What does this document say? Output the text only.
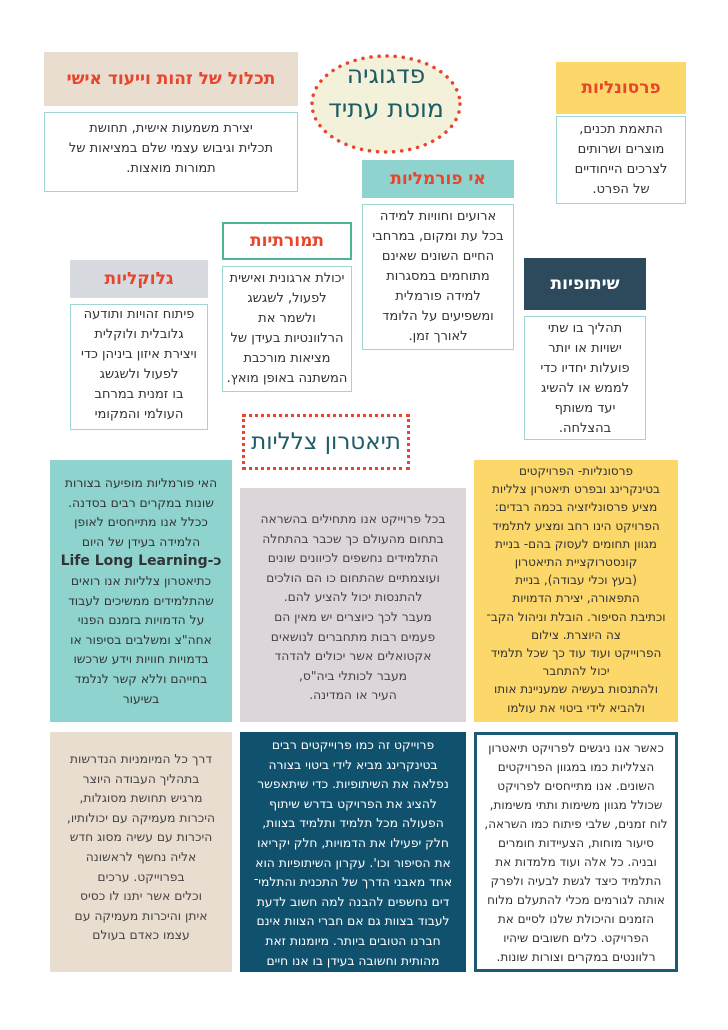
פדגוגיה
מוטת עתיד
תכלול של זהות וייעוד אישי
יצירת משמעות אישית, תחושת
תכלית וגיבוש עצמי שלם במציאות של
תמורות מואצות.
פרסונליות
התאמת תכנים,
מוצרים ושרותים
לצרכים הייחודיים
של הפרט.
אי פורמליות
ארועים וחוויות למידה
בכל עת ומקום, במרחבי
החיים השונים שאינם
מתוחמים במסגרות
למידה פורמלית
ומשפיעים על הלומד
לאורך זמן.
תמורתיות
יכולת ארגונית ואישית
לפעול, לשגשג
ולשמר את
הרלוונטיות בעידן של
מציאות מורכבת
המשתנה באופן מואץ.
גלוקליות
פיתוח זהויות ותודעה
גלובלית ולוקלית
ויצירת איזון ביניהן כדי
לפעול ולשגשג
בו זמנית במרחב
העולמי והמקומי
שיתופיות
תהליך בו שתי
ישויות או יותר
פועלות יחדיו כדי
לממש או להשיג
יעד משותף
בהצלחה.
תיאטרון צלליות
האי פורמליות מופיעה בצורות
שונות במקרים רבים בסדנה.
ככלל אנו מתייחסים לאופן
הלמידה בעידן של היום
כ-Life Long Learning
כתיאטרון צלליות אנו רואים
שהתלמידים ממשיכים לעבוד
על הדמויות בזמנם הפנוי
אחה"צ ומשלבים בסיפור או
בדמויות חוויות וידע שרכשו
בחייהם וללא קשר לנלמד
בשיעור
בכל פרוייקט אנו מתחילים בהשראה
בתחום מהעולם כך שכבר בהתחלה
התלמידים נחשפים לכיוונים שונים
ועוצמתיים שהתחום כו הם הולכים
להתנסות יכול להציע להם.
מעבר לכך כיוצרים יש מאין הם
פעמים רבות מתחברים לנושאים
אקטואלים אשר יכולים להדהד
מעבר לכותלי ביה"ס,
העיר או המדינה.
פרסונליות- הפרויקטים
בטינקרינג ובפרט תיאטרון צלליות
מציע פרסונליזציה בכמה רבדים:
הפרויקט הינו רחב ומציע לתלמיד
מגוון תחומים לעסוק בהם- בניית
קונסטרוקציית התיאטרון
(בעץ וכלי עבודה), בניית
התפאורה, יצירת הדמויות
וכתיבת הסיפור. הובלת וניהול הקב־
צה היוצרת. צילום
הפרוייקט ועוד עוד כך שכל תלמיד
יכול להתחבר
ולהתנסות בעשיה שמעניינת אותו
ולהביא לידי ביטוי את עולמו
דרך כל המיומניות הנדרשות
בתהליך העבודה היוצר
מרגיש תחושת מסוגלות,
היכרות מעמיקה עם יכולותיו,
היכרות עם עשיה מסוג חדש
אליה נחשף לראשונה
בפרוייקט. ערכים
וכלים אשר יתנו לו כסיס
איתן והיכרות מעמיקה עם
עצמו כאדם בעולם
פרוייקט זה כמו פרוייקטים רבים
בטינקרינג מביא לידי ביטוי בצורה
נפלאה את השיתופיות. כדי שיתאפשר
להציג את הפרויקט בדרש שיתוף
הפעולה מכל תלמיד ותלמיד בצוות,
חלק יפעילו את הדמויות, חלק יקריאו
את הסיפור וכו'. עקרון השיתופיות הוא
אחד מאבני הדרך של התכנית והתלמי־
דים נחשפים להבנה למה חשוב לדעת
לעבוד בצוות גם אם חברי הצוות אינם
חברנו הטובים ביותר. מיומנות זאת
מהותית וחשובה בעידן בו אנו חיים
כאשר אנו ניגשים לפרויקט תיאטרון
הצלליות כמו במגוון הפרויקטים
השונים. אנו מתייחסים לפרויקט
שכולל מגוון משימות ותתי משימות,
לוח זמנים, שלבי פיתוח כמו השראה,
סיעור מוחות, הצעיידות חומרים
ובניה. כל אלה ועוד מלמדות את
התלמיד כיצד לגשת לבעיה ולפרק
אותה לגורמים מכלי להתעלם מלוח
הזמנים והיכולת שלנו לסיים את
הפרויקט. כלים חשובים שיהיו
רלוונטים במקרים וצורות שונות.
